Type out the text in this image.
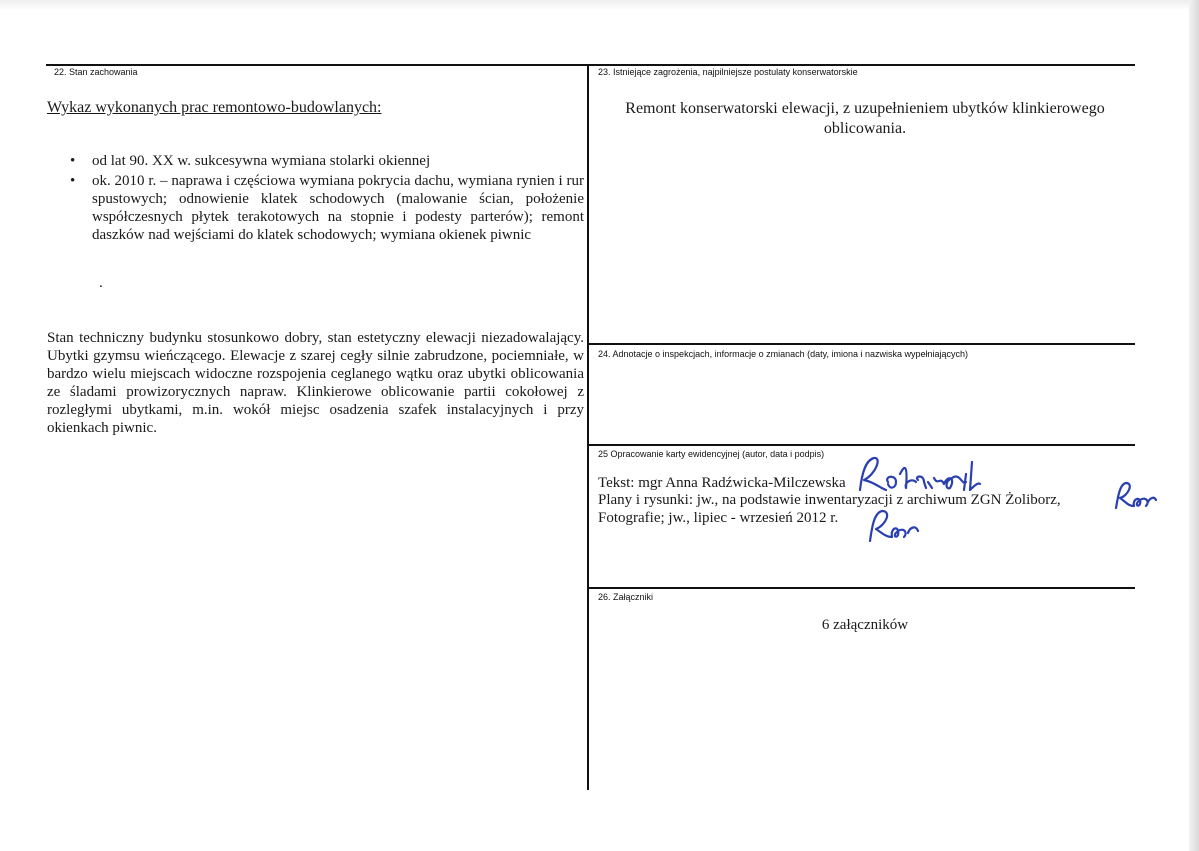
22. Stan zachowania
Wykaz wykonanych prac remontowo-budowlanych:
• od lat 90. XX w. sukcesywna wymiana stolarki okiennej
• ok. 2010 r. – naprawa i częściowa wymiana pokrycia dachu, wymiana rynien i rur spustowych; odnowienie klatek schodowych (malowanie ścian, położenie współczesnych płytek terakotowych na stopnie i podesty parterów); remont daszków nad wejściami do klatek schodowych; wymiana okienek piwnic
.
Stan techniczny budynku stosunkowo dobry, stan estetyczny elewacji niezadowalający. Ubytki gzymsu wieńczącego. Elewacje z szarej cegły silnie zabrudzone, pociemniałe, w bardzo wielu miejscach widoczne rozspojenia ceglanego wątku oraz ubytki oblicowania ze śladami prowizorycznych napraw. Klinkierowe oblicowanie partii cokołowej z rozległymi ubytkami, m.in. wokół miejsc osadzenia szafek instalacyjnych i przy okienkach piwnic.
23. Istniejące zagrożenia, najpilniejsze postulaty konserwatorskie
Remont konserwatorski elewacji, z uzupełnieniem ubytków klinkierowego oblicowania.
24. Adnotacje o inspekcjach, informacje o zmianach (daty, imiona i nazwiska wypełniających)
25 Opracowanie karty ewidencyjnej (autor, data i podpis)
Tekst: mgr Anna Radźwicka-Milczewska
Plany i rysunki: jw., na podstawie inwentaryzacji z archiwum ZGN Żoliborz,
Fotografie; jw., lipiec - wrzesień 2012 r.
26. Załączniki
6 załączników
